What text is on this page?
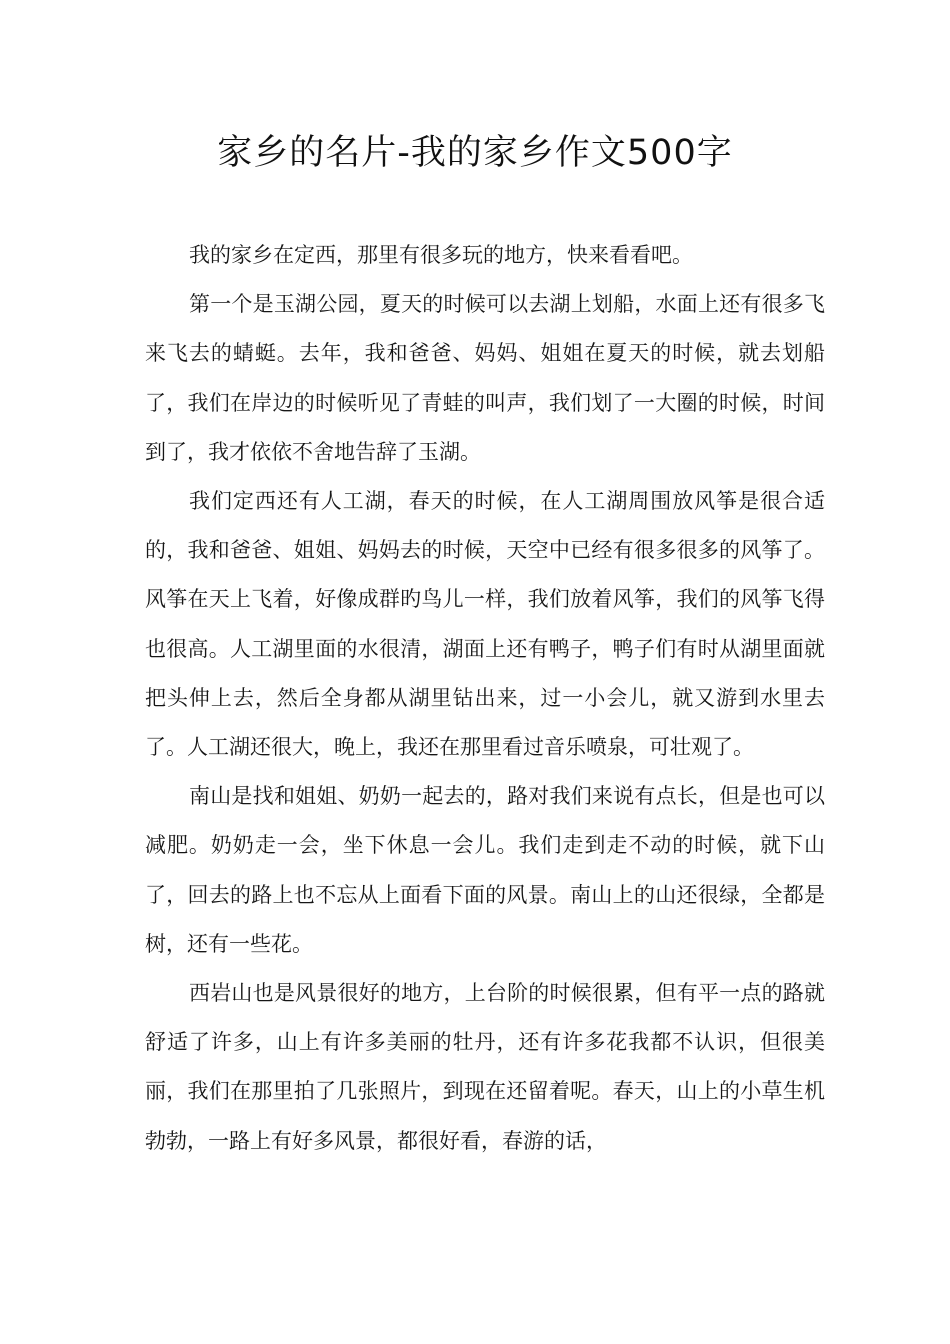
家乡的名片-我的家乡作文500字

我的家乡在定西，那里有很多玩的地方，快来看看吧。

第一个是玉湖公园，夏天的时候可以去湖上划船，水面上还有很多飞来飞去的蜻蜓。去年，我和爸爸、妈妈、姐姐在夏天的时候，就去划船了，我们在岸边的时候听见了青蛙的叫声，我们划了一大圈的时候，时间到了，我才依依不舍地告辞了玉湖。

我们定西还有人工湖，春天的时候，在人工湖周围放风筝是很合适的，我和爸爸、姐姐、妈妈去的时候，天空中已经有很多很多的风筝了。风筝在天上飞着，好像成群旳鸟儿一样，我们放着风筝，我们的风筝飞得也很高。人工湖里面的水很清，湖面上还有鸭子，鸭子们有时从湖里面就把头伸上去，然后全身都从湖里钻出来，过一小会儿，就又游到水里去了。人工湖还很大，晚上，我还在那里看过音乐喷泉，可壮观了。

南山是找和姐姐、奶奶一起去的，路对我们来说有点长，但是也可以减肥。奶奶走一会，坐下休息一会儿。我们走到走不动的时候，就下山了，回去的路上也不忘从上面看下面的风景。南山上的山还很绿，全都是树，还有一些花。

西岩山也是风景很好的地方，上台阶的时候很累，但有平一点的路就舒适了许多，山上有许多美丽的牡丹，还有许多花我都不认识，但很美丽，我们在那里拍了几张照片，到现在还留着呢。春天，山上的小草生机勃勃，一路上有好多风景，都很好看，春游的话，
